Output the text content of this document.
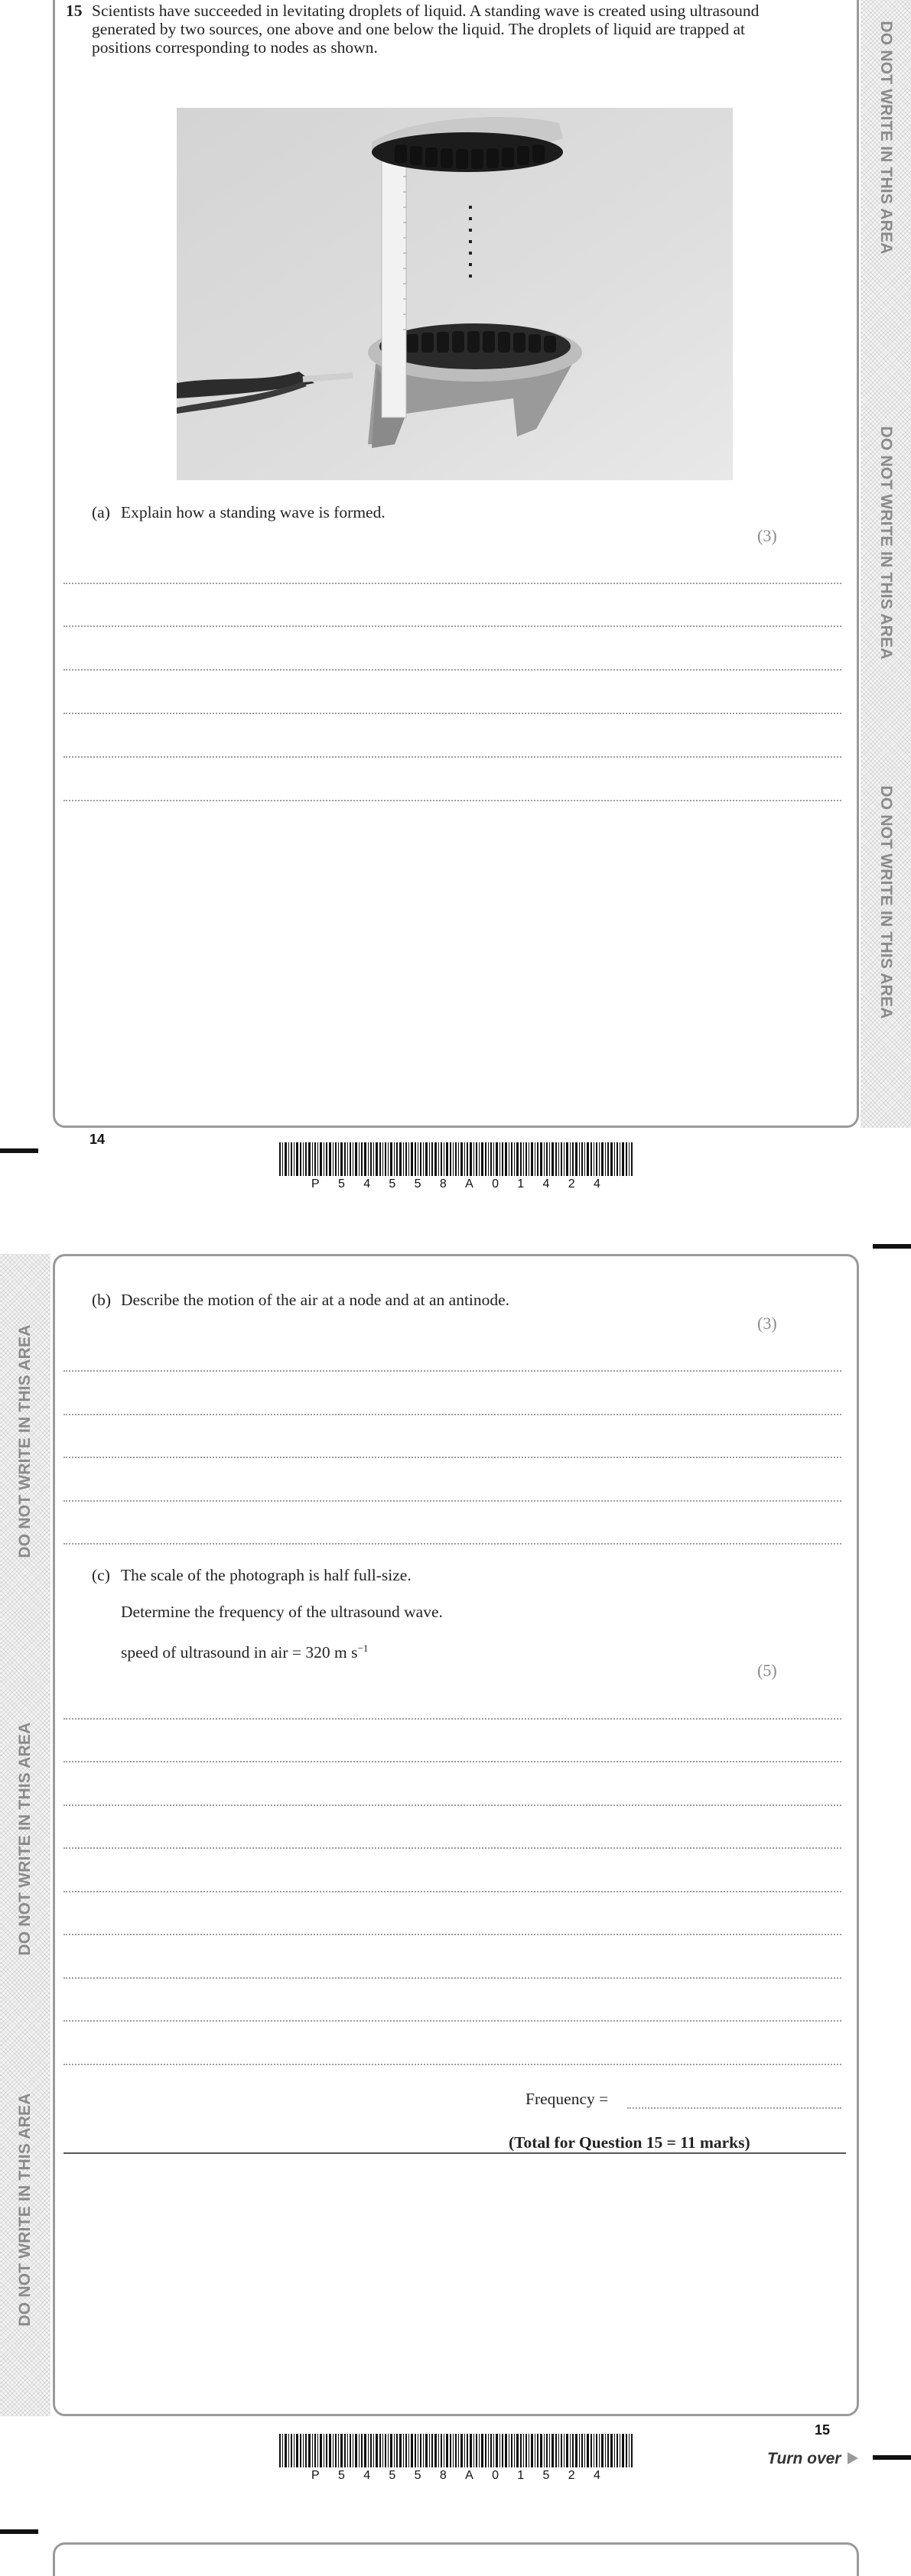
DO NOT WRITE IN THIS AREA
DO NOT WRITE IN THIS AREA
DO NOT WRITE IN THIS AREA
15 Scientists have succeeded in levitating droplets of liquid. A standing wave is created using ultrasound generated by two sources, one above and one below the liquid. The droplets of liquid are trapped at positions corresponding to nodes as shown.
(a) Explain how a standing wave is formed.
(3)
14
P 5 4 5 5 8 A 0 1 4 2 4
DO NOT WRITE IN THIS AREA
DO NOT WRITE IN THIS AREA
DO NOT WRITE IN THIS AREA
(b) Describe the motion of the air at a node and at an antinode.
(3)
(c) The scale of the photograph is half full-size.
Determine the frequency of the ultrasound wave.
speed of ultrasound in air = 320 m $s^{-1}$
(5)
Frequency =
(Total for Question 15 = 11 marks)
15
P 5 4 5 5 8 A 0 1 5 2 4
Turn over
